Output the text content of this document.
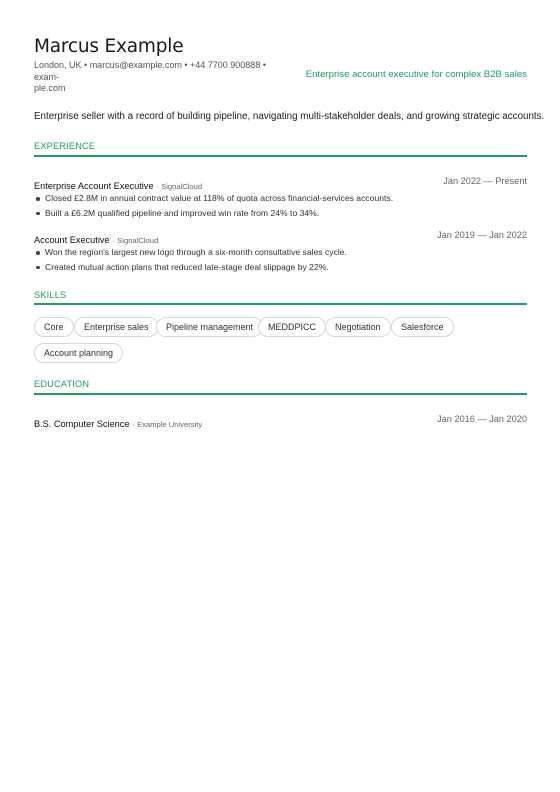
Marcus Example
London, UK • marcus@example.com • +44 7700 900888 • exam-
ple.com
Enterprise account executive for complex B2B sales
Enterprise seller with a record of building pipeline, navigating multi-stakeholder deals, and growing strategic accounts.
EXPERIENCE
Enterprise Account Executive · SignalCloud
Jan 2022 — Present
Closed £2.8M in annual contract value at 118% of quota across financial-services accounts.
Built a £6.2M qualified pipeline and improved win rate from 24% to 34%.
Account Executive · SignalCloud
Jan 2019 — Jan 2022
Won the region's largest new logo through a six-month consultative sales cycle.
Created mutual action plans that reduced late-stage deal slippage by 22%.
SKILLS
Core	Enterprise sales	Pipeline management	MEDDPICC	Negotiation	Salesforce
Account planning
EDUCATION
B.S. Computer Science · Example University
Jan 2016 — Jan 2020
